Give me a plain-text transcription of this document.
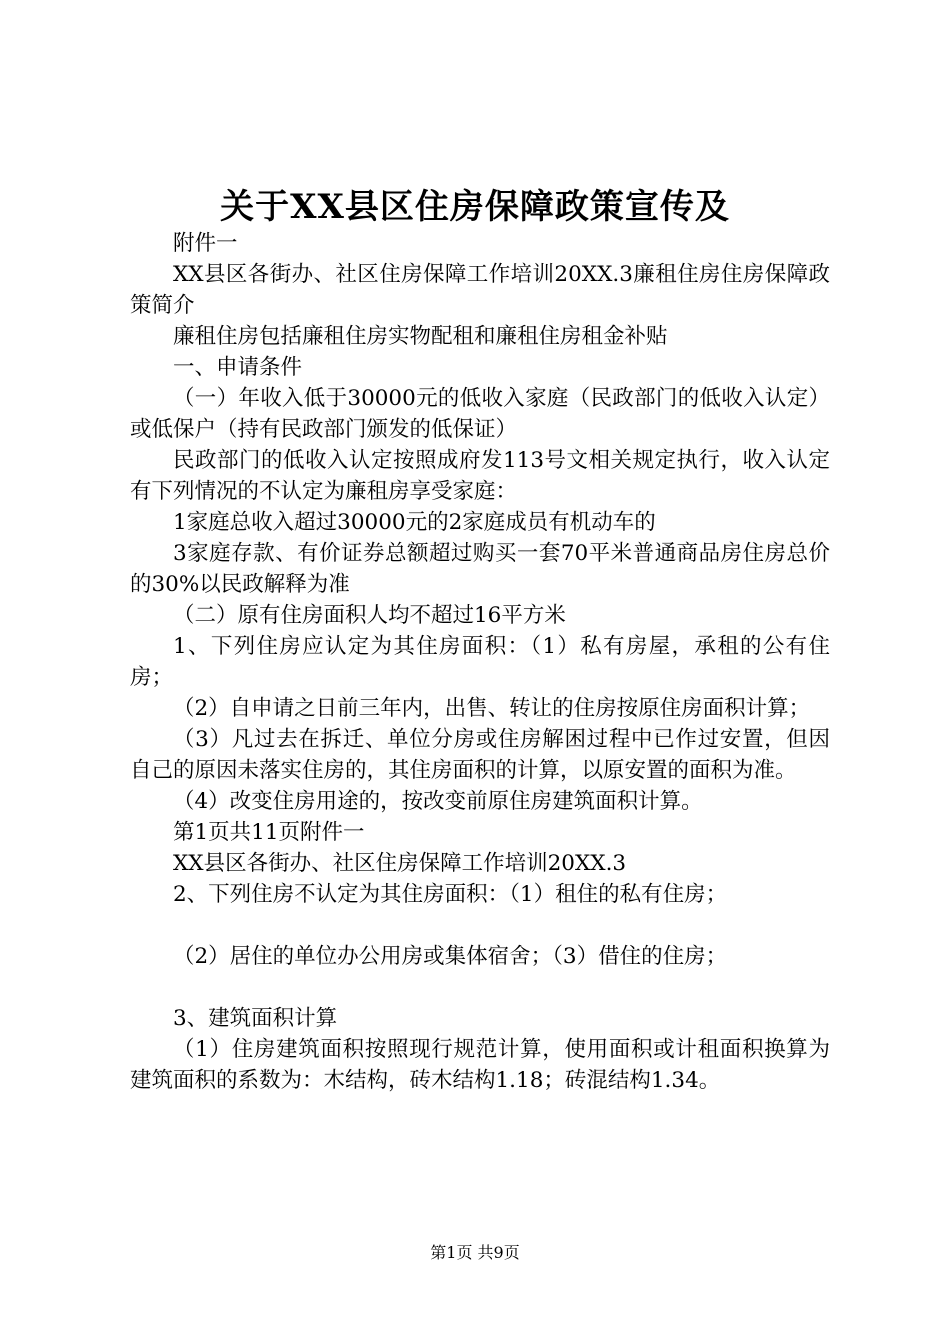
关于XX县区住房保障政策宣传及

附件一

XX县区各街办、社区住房保障工作培训20XX.3廉租住房住房保障政策简介

廉租住房包括廉租住房实物配租和廉租住房租金补贴

一、申请条件

（一）年收入低于30000元的低收入家庭（民政部门的低收入认定）或低保户（持有民政部门颁发的低保证）

民政部门的低收入认定按照成府发113号文相关规定执行，收入认定有下列情况的不认定为廉租房享受家庭：

1家庭总收入超过30000元的2家庭成员有机动车的

3家庭存款、有价证券总额超过购买一套70平米普通商品房住房总价的30%以民政解释为准

（二）原有住房面积人均不超过16平方米

1、下列住房应认定为其住房面积：（1）私有房屋，承租的公有住房；

（2）自申请之日前三年内，出售、转让的住房按原住房面积计算；

（3）凡过去在拆迁、单位分房或住房解困过程中已作过安置，但因自己的原因未落实住房的，其住房面积的计算，以原安置的面积为准。

（4）改变住房用途的，按改变前原住房建筑面积计算。

第1页共11页附件一

XX县区各街办、社区住房保障工作培训20XX.3

2、下列住房不认定为其住房面积：（1）租住的私有住房；

（2）居住的单位办公用房或集体宿舍；（3）借住的住房；

3、建筑面积计算

（1）住房建筑面积按照现行规范计算，使用面积或计租面积换算为建筑面积的系数为：木结构，砖木结构1.18；砖混结构1.34。

第1页 共9页
